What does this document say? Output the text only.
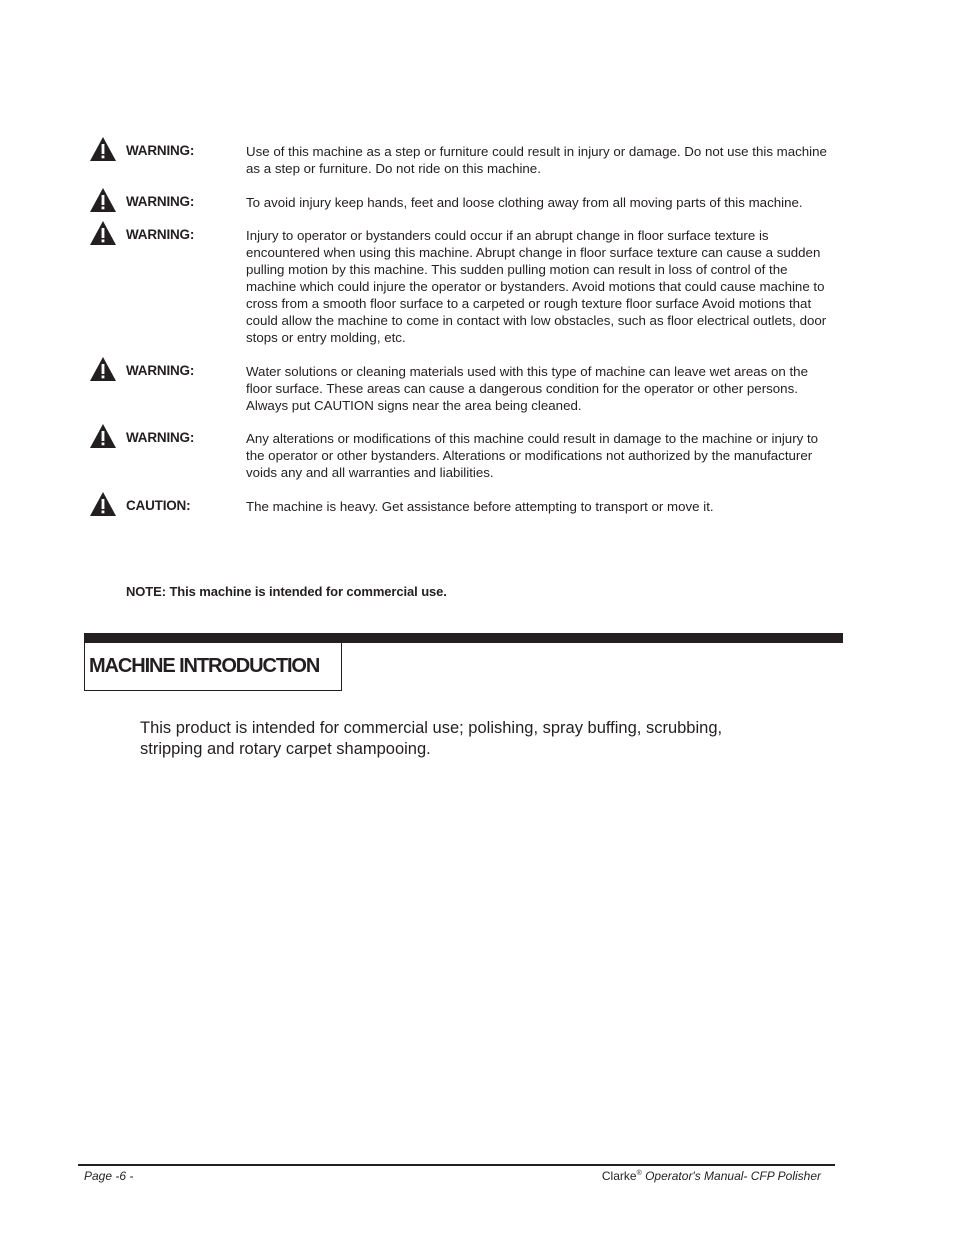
WARNING:	Use of this machine as a step or furniture could result in injury or damage. Do not use this machine as a step or furniture. Do not ride on this machine.
WARNING:	To avoid injury keep hands, feet and loose clothing away from all moving parts of this machine.
WARNING:	Injury to operator or bystanders could occur if an abrupt change in floor surface texture is encountered when using this machine. Abrupt change in floor surface texture can cause a sudden pulling motion by this machine. This sudden pulling motion can result in loss of control of the machine which could injure the operator or bystanders. Avoid motions that could cause machine to cross from a smooth floor surface to a carpeted or rough texture floor surface Avoid motions that could allow the machine to come in contact with low obstacles, such as floor electrical outlets, door stops or entry molding, etc.
WARNING:	Water solutions or cleaning materials used with this type of machine can leave wet areas on the floor surface. These areas can cause a dangerous condition for the operator or other persons. Always put CAUTION signs near the area being cleaned.
WARNING:	Any alterations or modifications of this machine could result in damage to the machine or injury to the operator or other bystanders. Alterations or modifications not authorized by the manufacturer voids any and all warranties and liabilities.
CAUTION:	The machine is heavy. Get assistance before attempting to transport or move it.
NOTE: This machine is intended for commercial use.
MACHINE INTRODUCTION
This product is intended for commercial use; polishing, spray buffing, scrubbing, stripping and rotary carpet shampooing.
Page -6 -	Clarke® Operator's Manual- CFP Polisher
